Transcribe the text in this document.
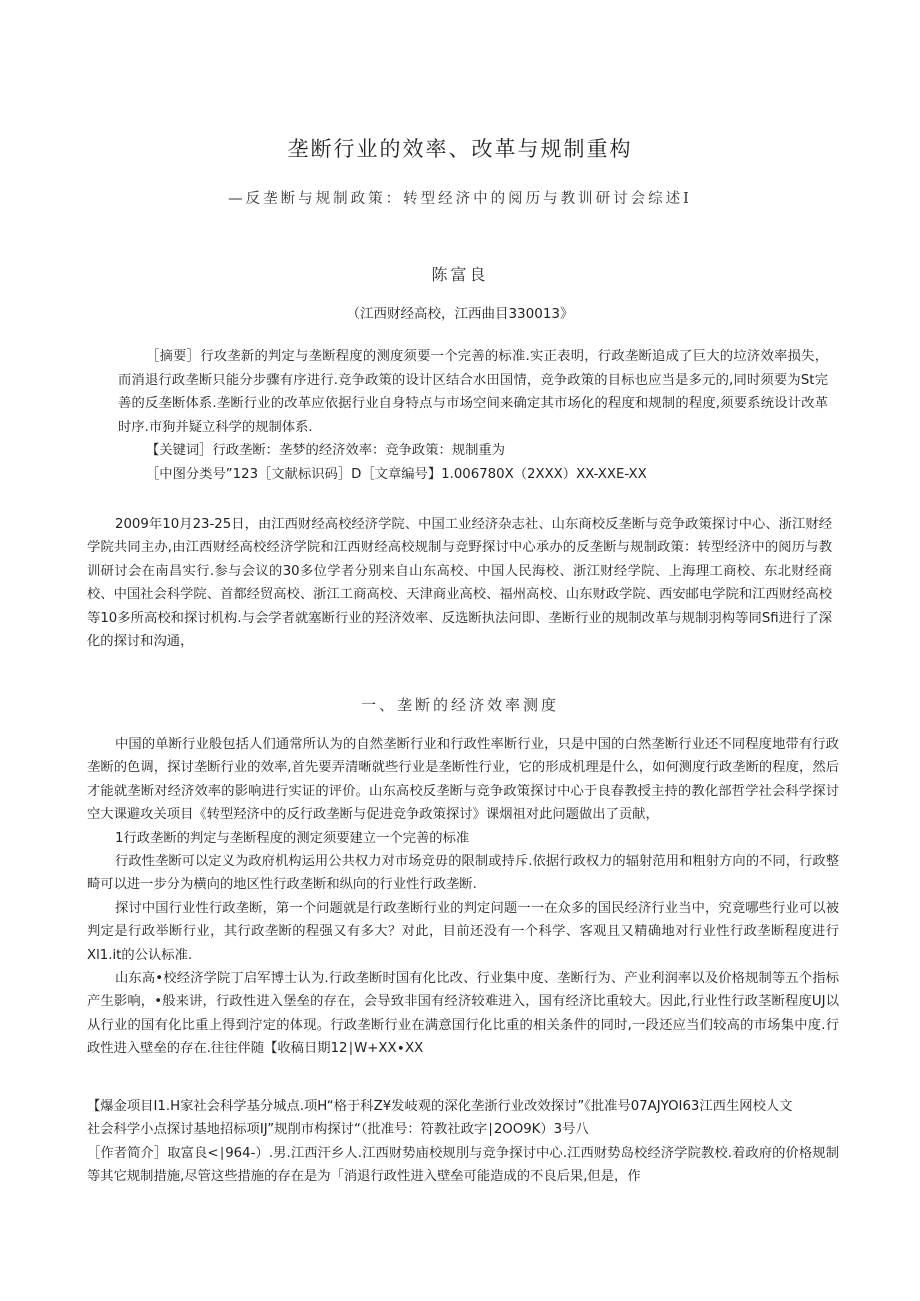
垄断行业的效率、改革与规制重构
—反垄断与规制政策：转型经济中的阅历与教训研讨会综述I
陈富良
（江西财经高校，江西曲目330013》

［摘要］行攻垄新的判定与垄断程度的测度须要一个完善的标准.实正表明，行政垄断追成了巨大的垃济效率损失，而消退行政垄断只能分步骤有序进行.竞争政策的设计区结合水田国情，竞争政策的目标也应当是多元的,同时须要为St完善的反垄断体系.垄断行业的改革应依据行业自身特点与市场空间来确定其市场化的程度和规制的程度,须要系统设计改革时序.市狗并疑立科学的规制体系.

【关键词］行政垄断：垄梦的经济效率：竞争政策：规制重为
［中图分类号”123［文献标识码］D［文章编号】1.006780X（2XXX）XX-XXE-XX

2009年10月23-25日，由江西财经高校经济学院、中国工业经济杂志社、山东商校反垄断与竞争政策探讨中心、浙江财经学院共同主办,由江西财经高校经济学院和江西财经高校规制与竞野探讨中心承办的反垄断与规制政策：转型经济中的阅历与教训研讨会在南昌实行.参与会议的30多位学者分别来自山东高校、中国人民海校、浙江财经学院、上海理工商校、东北财经商校、中国社会科学院、首都经贸高校、浙江工商高校、天津商业高校、福州高校、山东财政学院、西安邮电学院和江西财经高校等10多所高校和探讨机构.与会学者就塞断行业的羟济效率、反选断执法问即、垄断行业的规制改革与规制羽构等同Sfi进行了深化的探讨和沟通，

一、垄断的经济效率测度

中国的单断行业般包括人们通常所认为的自然垄断行业和行政性率断行业，只是中国的白然垄断行业还不同程度地带有行政垄断的色调，探讨垄断行业的效率,首先要弄清晰就些行业是垄断性行业，它的形成机理是什么，如何测度行政垄断的程度，然后才能就垄断对经济效率的影响进行实证的评价。山东高校反垄断与竞争政策探讨中心于良春教授主持的教化部哲学社会科学探讨空大课避攻关项目《转型羟济中的反行政垄断与促进竞争政策探讨》课烟祖对此问题做出了贡献，

1行政垄断的判定与垄断程度的测定须要建立一个完善的标准

行政性垄断可以定义为政府机构运用公共权力对市场竞毋的限制或持斥.依据行政权力的辐射范用和粗射方向的不同，行政整畸可以进一步分为横向的地区性行政垄断和纵向的行业性行政垄断.

探讨中国行业性行政垄断，第一个问题就是行政垄断行业的判定问题一一在众多的国民经济行业当中，究竟哪些行业可以被判定是行政举断行业，其行政垄断的程强又有多大？对此，目前还没有一个科学、客观且又精确地对行业性行政垄断程度进行Xl1.it的公认标准.

山东高•校经济学院丁启军博士认为.行政垄断时国有化比改、行业集中度、垄断行为、产业利润率以及价格规制等五个指标产生影响，•般来讲，行政性进入堡垒的存在，会导致非国有经济较难进入，国有经济比重较大。因此,行业性行政茎断程度UJ以从行业的国有化比重上得到泞定的体现。行政垄断行业在满意国行化比重的相关条件的同时,一段还应当们较高的市场集中度.行政性进入壁垒的存在.往往伴随【收稿日期12∣W+XX∙XX

【爆金项目I1.H家社会科学基分城点.项H“格于科Z¥发岐观的深化垄浙行业改效探讨”《批准号07AJYOI63江西生网校人文

社会科学小点探讨基地招标项IJ”规削市构探讨“（批准号：符教社政字∣2OO9K）3号八

［作者简介］取富良<∣964-）.男.江西汗乡人.江西财势庙校规刖与竞争探讨中心.江西财势岛校经济学院教校.着政府的价格规制等其它规制措施,尽管这些措施的存在是为「消退行政性进入壁垒可能造成的不良后果,但是，作
